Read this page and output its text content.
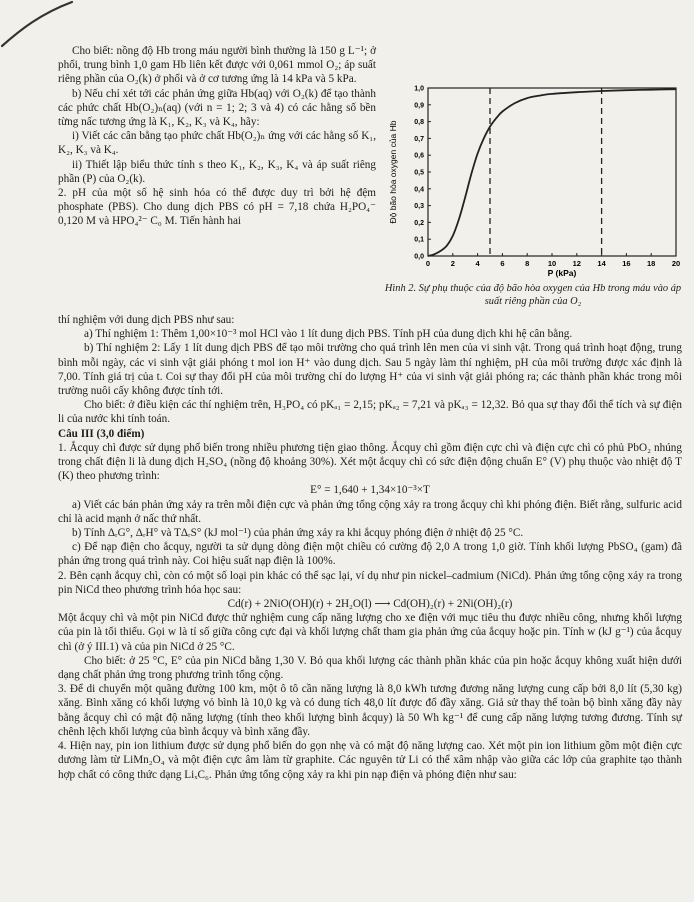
Cho biết: nồng độ Hb trong máu người bình thường là 150 g L⁻¹; ở phổi, trung bình 1,0 gam Hb liên kết được với 0,061 mmol O₂; áp suất riêng phần của O₂(k) ở phổi và ở cơ tương ứng là 14 kPa và 5 kPa.

b) Nếu chỉ xét tới các phản ứng giữa Hb(aq) với O₂(k) để tạo thành các phức chất Hb(O₂)ₙ(aq) (với n = 1; 2; 3 và 4) có các hằng số bền từng nấc tương ứng là K₁, K₂, K₃ và K₄, hãy:

i) Viết các cân bằng tạo phức chất Hb(O₂)ₙ ứng với các hằng số K₁, K₂, K₃ và K₄.

ii) Thiết lập biểu thức tính s theo K₁, K₂, K₃, K₄ và áp suất riêng phần (P) của O₂(k).

2. pH của một số hệ sinh hóa có thể được duy trì bởi hệ đệm phosphate (PBS). Cho dung dịch PBS có pH = 7,18 chứa H₂PO₄⁻ 0,120 M và HPO₄²⁻ C₀ M. Tiến hành hai

0	2	4	6	8 10 12 14 16 18 20
0,0
0,1
0,2
0,3
0,4
0,5
0,6
0,7
0,8
0,9
1,0
Độ bão hòa oxygen của Hb
P (kPa)
Hình 2. Sự phụ thuộc của độ bão hòa oxygen của Hb trong máu vào áp suất riêng phần của O₂

thí nghiệm với dung dịch PBS như sau:

a) Thí nghiệm 1: Thêm 1,00×10⁻³ mol HCl vào 1 lít dung dịch PBS. Tính pH của dung dịch khi hệ cân bằng.

b) Thí nghiệm 2: Lấy 1 lít dung dịch PBS để tạo môi trường cho quá trình lên men của vi sinh vật. Trong quá trình hoạt động, trung bình mỗi ngày, các vi sinh vật giải phóng t mol ion H⁺ vào dung dịch. Sau 5 ngày làm thí nghiệm, pH của môi trường được xác định là 7,00. Tính giá trị của t. Coi sự thay đổi pH của môi trường chỉ do lượng H⁺ của vi sinh vật giải phóng ra; các thành phần khác trong môi trường nuôi cấy không được tính tới.

Cho biết: ở điều kiện các thí nghiệm trên, H₃PO₄ có pKₐ₁ = 2,15; pKₐ₂ = 7,21 và pKₐ₃ = 12,32. Bỏ qua sự thay đổi thể tích và sự điện li của nước khi tính toán.

Câu III (3,0 điểm)

1. Ắcquy chì được sử dụng phổ biến trong nhiều phương tiện giao thông. Ắcquy chì gồm điện cực chì và điện cực chì có phủ PbO₂ nhúng trong chất điện li là dung dịch H₂SO₄ (nồng độ khoảng 30%). Xét một ắcquy chì có sức điện động chuẩn E° (V) phụ thuộc vào nhiệt độ T (K) theo phương trình:

E° = 1,640 + 1,34×10⁻³×T

a) Viết các bán phản ứng xảy ra trên mỗi điện cực và phản ứng tổng cộng xảy ra trong ắcquy chì khi phóng điện. Biết rằng, sulfuric acid chỉ là acid mạnh ở nấc thứ nhất.

b) Tính ΔᵣG°, ΔᵣH° và TΔᵣS° (kJ mol⁻¹) của phản ứng xảy ra khi ắcquy phóng điện ở nhiệt độ 25 °C.

c) Để nạp điện cho ắcquy, người ta sử dụng dòng điện một chiều có cường độ 2,0 A trong 1,0 giờ. Tính khối lượng PbSO₄ (gam) đã phản ứng trong quá trình này. Coi hiệu suất nạp điện là 100%.

2. Bên cạnh ắcquy chì, còn có một số loại pin khác có thể sạc lại, ví dụ như pin nickel–cadmium (NiCd). Phản ứng tổng cộng xảy ra trong pin NiCd theo phương trình hóa học sau:

Cd(r) + 2NiO(OH)(r) + 2H₂O(l) ⟶ Cd(OH)₂(r) + 2Ni(OH)₂(r)

Một ắcquy chì và một pin NiCd được thử nghiệm cung cấp năng lượng cho xe điện với mục tiêu thu được nhiều công, nhưng khối lượng của pin là tối thiểu. Gọi w là tỉ số giữa công cực đại và khối lượng chất tham gia phản ứng của ắcquy hoặc pin. Tính w (kJ g⁻¹) của ắcquy chì (ở ý III.1) và của pin NiCd ở 25 °C.

Cho biết: ở 25 °C, E° của pin NiCd bằng 1,30 V. Bỏ qua khối lượng các thành phần khác của pin hoặc ắcquy không xuất hiện dưới dạng chất phản ứng trong phương trình tổng cộng.

3. Để di chuyển một quãng đường 100 km, một ô tô cần năng lượng là 8,0 kWh tương đương năng lượng cung cấp bởi 8,0 lít (5,30 kg) xăng. Bình xăng có khối lượng vỏ bình là 10,0 kg và có dung tích 48,0 lít được đổ đầy xăng. Giả sử thay thế toàn bộ bình xăng đầy này bằng ắcquy chì có mật độ năng lượng (tính theo khối lượng bình ắcquy) là 50 Wh kg⁻¹ để cung cấp năng lượng tương đương. Tính sự chênh lệch khối lượng của bình ắcquy và bình xăng đầy.

4. Hiện nay, pin ion lithium được sử dụng phổ biến do gọn nhẹ và có mật độ năng lượng cao. Xét một pin ion lithium gồm một điện cực dương làm từ LiMn₂O₄ và một điện cực âm làm từ graphite. Các nguyên tử Li có thể xâm nhập vào giữa các lớp của graphite tạo thành hợp chất có công thức dạng LiₓC₆. Phản ứng tổng cộng xảy ra khi pin nạp điện và phóng điện như sau:
